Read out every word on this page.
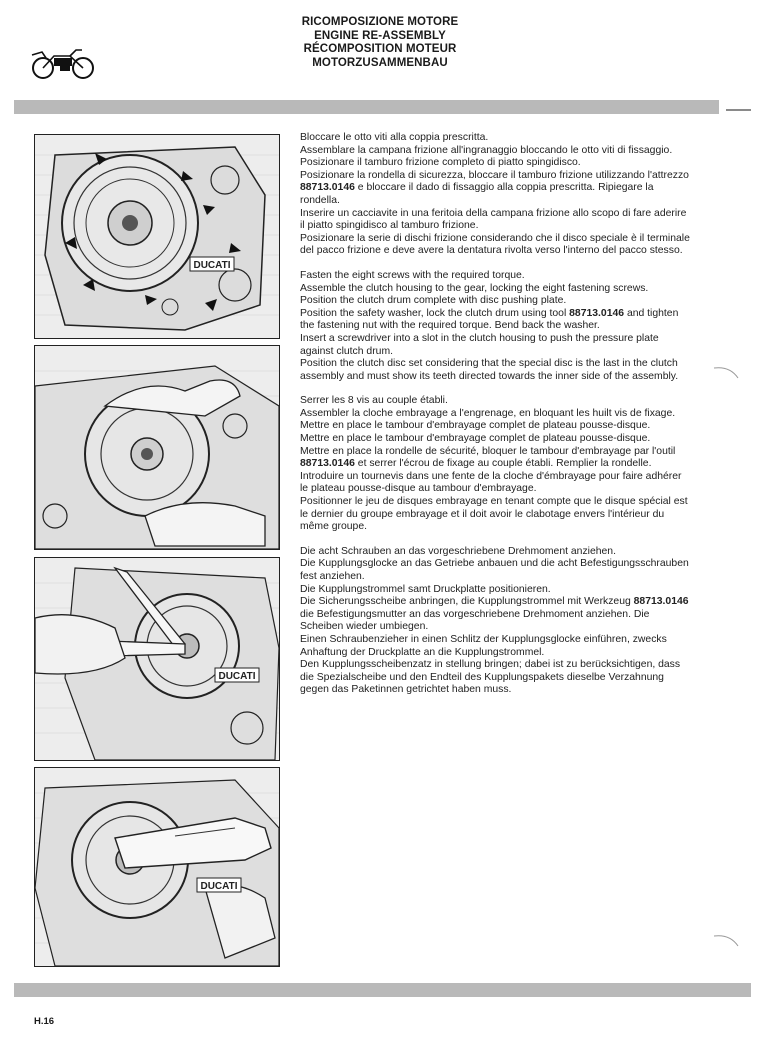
RICOMPOSIZIONE MOTORE
ENGINE RE-ASSEMBLY
RÉCOMPOSITION MOTEUR
MOTORZUSAMMENBAU
DUCATI
DUCATI
DUCATI

Bloccare le otto viti alla coppia prescritta.

Assemblare la campana frizione all'ingranaggio bloccando le otto viti di fissaggio.

Posizionare il tamburo frizione completo di piatto spingidisco.

Posizionare la rondella di sicurezza, bloccare il tamburo frizione utilizzando l'attrezzo 88713.0146 e bloccare il dado di fissaggio alla coppia prescritta. Ripiegare la rondella.

Inserire un cacciavite in una feritoia della campana frizione allo scopo di fare aderire il piatto spingidisco al tamburo frizione.

Posizionare la serie di dischi frizione considerando che il disco speciale è il terminale del pacco frizione e deve avere la dentatura rivolta verso l'interno del pacco stesso.

Fasten the eight screws with the required torque.

Assemble the clutch housing to the gear, locking the eight fastening screws.

Position the clutch drum complete with disc pushing plate.

Position the safety washer, lock the clutch drum using tool 88713.0146 and tighten the fastening nut with the required torque. Bend back the washer.

Insert a screwdriver into a slot in the clutch housing to push the pressure plate against clutch drum.

Position the clutch disc set considering that the special disc is the last in the clutch assembly and must show its teeth directed towards the inner side of the assembly.

Serrer les 8 vis au couple établi.

Assembler la cloche embrayage a l'engrenage, en bloquant les huilt vis de fixage.

Mettre en place le tambour d'embrayage complet de plateau pousse-disque.

Mettre en place le tambour d'embrayage complet de plateau pousse-disque.

Mettre en place la rondelle de sécurité, bloquer le tambour d'embrayage par l'outil 88713.0146 et serrer l'écrou de fixage au couple établi. Remplier la rondelle.

Introduire un tournevis dans une fente de la cloche d'émbrayage pour faire adhérer le plateau pousse-disque au tambour d'embrayage.

Positionner le jeu de disques embrayage en tenant compte que le disque spécial est le dernier du groupe embrayage et il doit avoir le clabotage envers l'intérieur du même groupe.

Die acht Schrauben an das vorgeschriebene Drehmoment anziehen.

Die Kupplungsglocke an das Getriebe anbauen und die acht Befestigungsschrauben fest anziehen.

Die Kupplungstrommel samt Druckplatte positionieren.

Die Sicherungsscheibe anbringen, die Kupplungstrommel mit Werkzeug 88713.0146 die Befestigungsmutter an das vorgeschriebene Drehmoment anziehen. Die Scheiben wieder umbiegen.

Einen Schraubenzieher in einen Schlitz der Kupplungsglocke einführen, zwecks Anhaftung der Druckplatte an die Kupplungstrommel.

Den Kupplungsscheibenzatz in stellung bringen; dabei ist zu berücksichtigen, dass die Spezialscheibe und den Endteil des Kupplungspakets dieselbe Verzahnung gegen das Paketinnen getrichtet haben muss.

H.16
